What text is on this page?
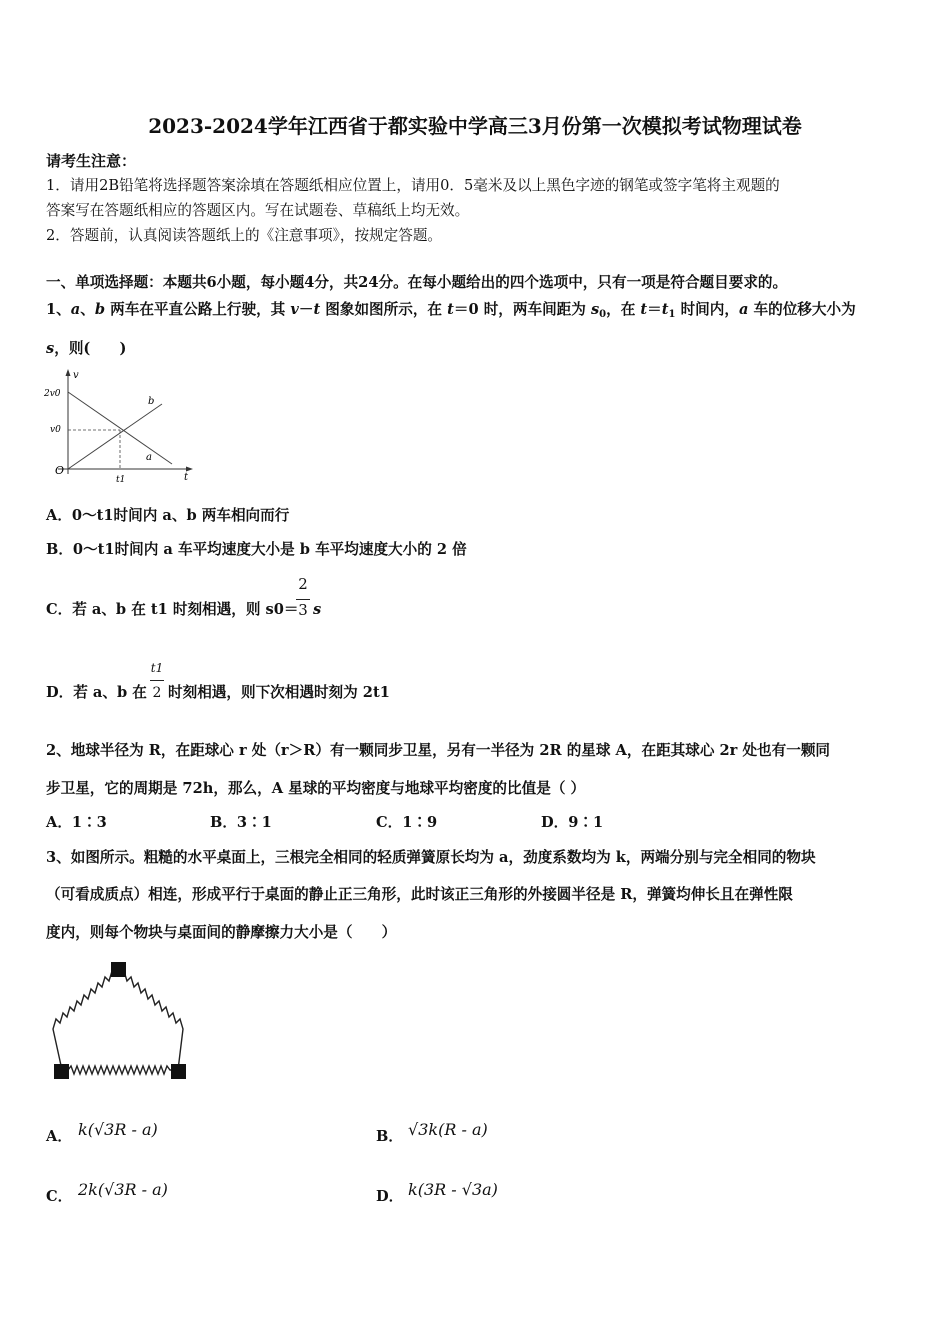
2023-2024学年江西省于都实验中学高三3月份第一次模拟考试物理试卷
请考生注意：
1．请用2B铅笔将选择题答案涂填在答题纸相应位置上，请用0．5毫米及以上黑色字迹的钢笔或签字笔将主观题的
答案写在答题纸相应的答题区内。写在试题卷、草稿纸上均无效。
2．答题前，认真阅读答题纸上的《注意事项》，按规定答题。
一、单项选择题：本题共6小题，每小题4分，共24分。在每小题给出的四个选项中，只有一项是符合题目要求的。
1、a、b 两车在平直公路上行驶，其 v－t 图象如图所示，在 t＝0 时，两车间距为 $s_0$，在 $t=t_1$ 时间内，a 车的位移大小为
s，则(　　)
v
t
O
2v0
v0
t1
a
b
A．0～t1时间内 a、b 两车相向而行
B．0～t1时间内 a 车平均速度大小是 b 车平均速度大小的 2 倍
C．若 a、b 在 t1 时刻相遇，则 s0＝
2
3 s
D．若 a、b 在
t1
2 时刻相遇，则下次相遇时刻为 2t1
2、地球半径为 R，在距球心 r 处（r＞R）有一颗同步卫星，另有一半径为 2R 的星球 A，在距其球心 2r 处也有一颗同
步卫星，它的周期是 72h，那么，A 星球的平均密度与地球平均密度的比值是（ ）
A．1∶3	B．3∶1	C．1∶9	D．9∶1
3、如图所示。粗糙的水平桌面上，三根完全相同的轻质弹簧原长均为 a，劲度系数均为 k，两端分别与完全相同的物块
（可看成质点）相连，形成平行于桌面的静止正三角形，此时该正三角形的外接圆半径是 R，弹簧均伸长且在弹性限
度内，则每个物块与桌面间的静摩擦力大小是（　　）
A． k(√3R - a)	B． √3k(R - a)
C． 2k(√3R - a)	D． k(3R - √3a)
